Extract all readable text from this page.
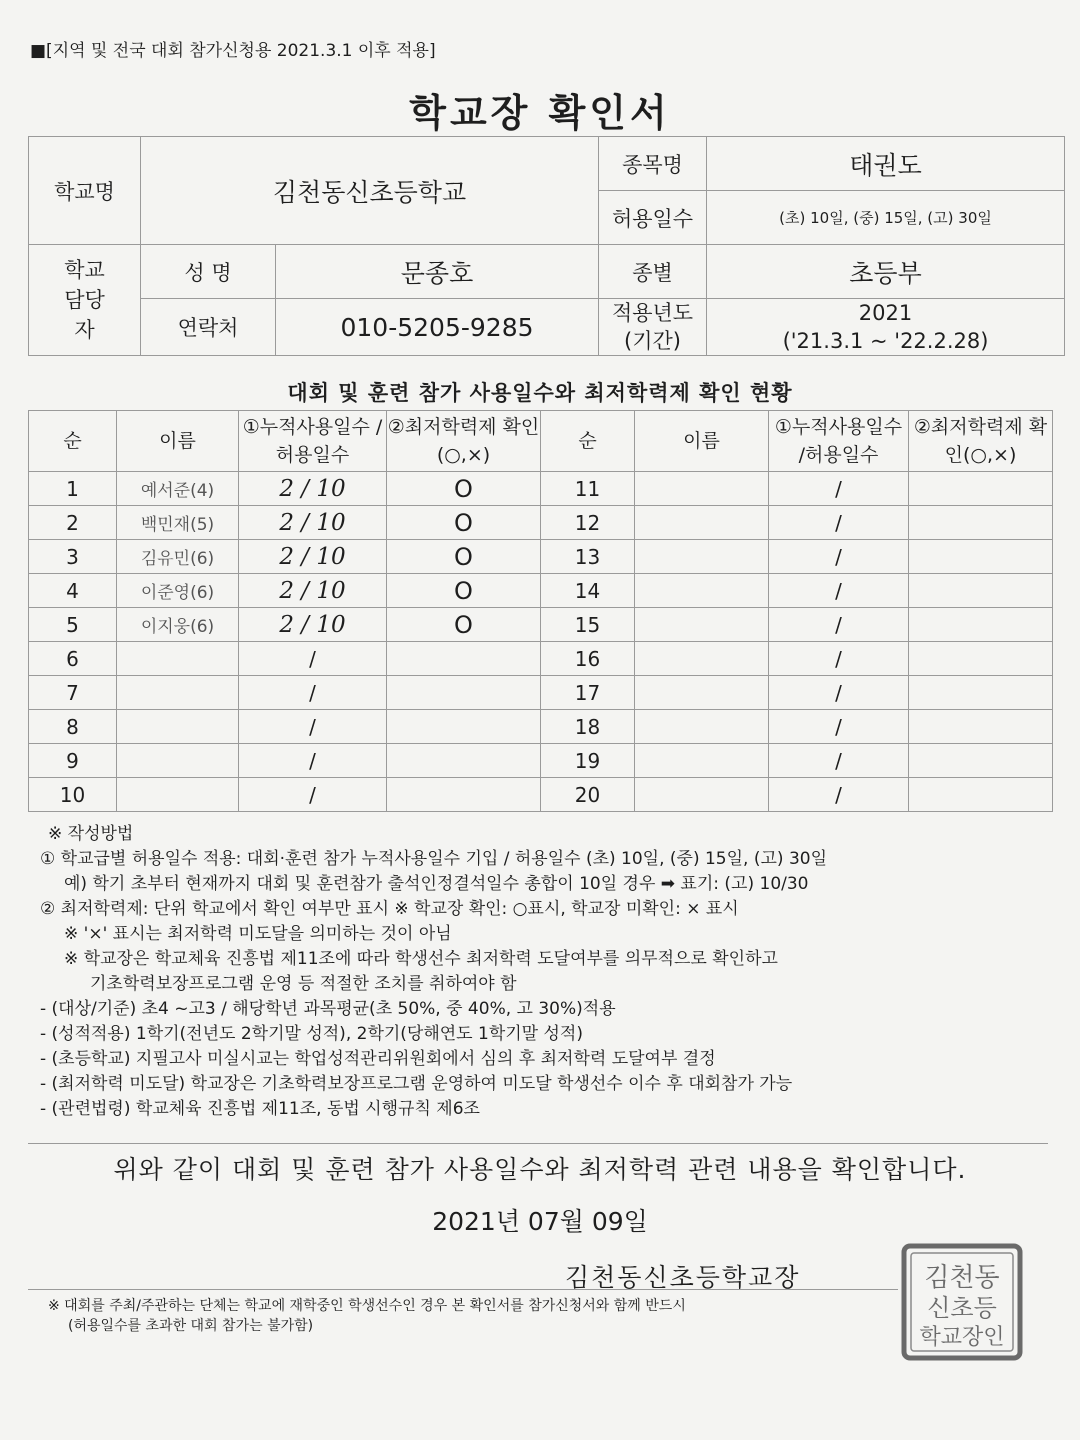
■[지역 및 전국 대회 참가신청용 2021.3.1 이후 적용]
학교장 확인서
학교명	김천동신초등학교		종목명	태권도
			허용일수	(초) 10일, (중) 15일, (고) 30일
학교 담당자	성 명	문종호	종별	초등부
	연락처	010-5205-9285	적용년도 (기간)	2021
('21.3.1 ~ '22.2.28)
대회 및 훈련 참가 사용일수와 최저학력제 확인 현황
순	이름	①누적사용일수 /허용일수	②최저학력제 확인(○,×)	순	이름	①누적사용일수 /허용일수	②최저학력제 확인(○,×)
1	예서준(4)	2 / 10	O	11		/	
2	백민재(5)	2 / 10	O	12		/	
3	김유민(6)	2 / 10	O	13		/	
4	이준영(6)	2 / 10	O	14		/	
5	이지웅(6)	2 / 10	O	15		/	
6		/		16		/	
7		/		17		/	
8		/		18		/	
9		/		19		/	
10		/		20		/	
※ 작성방법
① 학교급별 허용일수 적용: 대회·훈련 참가 누적사용일수 기입 / 허용일수 (초) 10일, (중) 15일, (고) 30일
예) 학기 초부터 현재까지 대회 및 훈련참가 출석인정결석일수 총합이 10일 경우 ➡ 표기: (고) 10/30
② 최저학력제: 단위 학교에서 확인 여부만 표시 ※ 학교장 확인: ○표시, 학교장 미확인: × 표시
※ '×' 표시는 최저학력 미도달을 의미하는 것이 아님
※ 학교장은 학교체육 진흥법 제11조에 따라 학생선수 최저학력 도달여부를 의무적으로 확인하고
기초학력보장프로그램 운영 등 적절한 조치를 취하여야 함
- (대상/기준) 초4 ~고3 / 해당학년 과목평균(초 50%, 중 40%, 고 30%)적용
- (성적적용) 1학기(전년도 2학기말 성적), 2학기(당해연도 1학기말 성적)
- (초등학교) 지필고사 미실시교는 학업성적관리위원회에서 심의 후 최저학력 도달여부 결정
- (최저학력 미도달) 학교장은 기초학력보장프로그램 운영하여 미도달 학생선수 이수 후 대회참가 가능
- (관련법령) 학교체육 진흥법 제11조, 동법 시행규칙 제6조
위와 같이 대회 및 훈련 참가 사용일수와 최저학력 관련 내용을 확인합니다.
2021년 07월 09일
김천동신초등학교장
※ 대회를 주최/주관하는 단체는 학교에 재학중인 학생선수인 경우 본 확인서를 참가신청서와 함께 반드시
(허용일수를 초과한 대회 참가는 불가함)
김천동
신초등
학교장인
